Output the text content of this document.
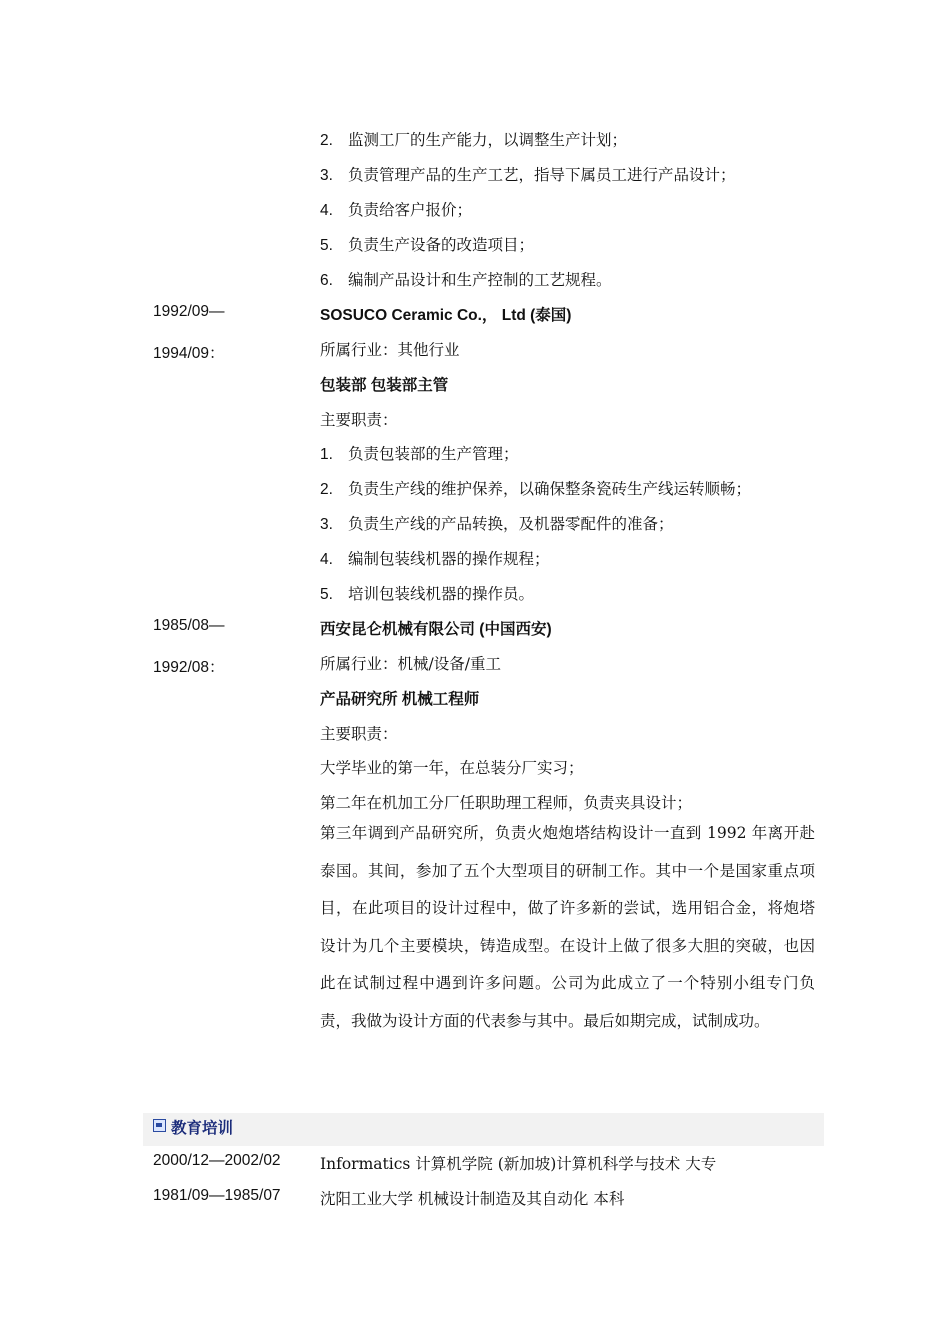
2. 监测工厂的生产能力，以调整生产计划；
3. 负责管理产品的生产工艺，指导下属员工进行产品设计；
4. 负责给客户报价；
5. 负责生产设备的改造项目；
6. 编制产品设计和生产控制的工艺规程。
1992/09—
1994/09：
SOSUCO Ceramic Co.， Ltd (泰国)
所属行业：其他行业
包装部 包装部主管
主要职责：
1. 负责包装部的生产管理；
2. 负责生产线的维护保养，以确保整条瓷砖生产线运转顺畅；
3. 负责生产线的产品转换，及机器零配件的准备；
4. 编制包装线机器的操作规程；
5. 培训包装线机器的操作员。
1985/08—
1992/08：
西安昆仑机械有限公司 (中国西安)
所属行业：机械/设备/重工
产品研究所 机械工程师
主要职责：
大学毕业的第一年，在总装分厂实习；
第二年在机加工分厂任职助理工程师，负责夹具设计；
第三年调到产品研究所，负责火炮炮塔结构设计一直到 1992 年离开赴泰国。其间，参加了五个大型项目的研制工作。其中一个是国家重点项目，在此项目的设计过程中，做了许多新的尝试，选用铝合金，将炮塔设计为几个主要模块，铸造成型。在设计上做了很多大胆的突破，也因此在试制过程中遇到许多问题。公司为此成立了一个特别小组专门负责，我做为设计方面的代表参与其中。最后如期完成，试制成功。
教育培训
2000/12—2002/02	Informatics 计算机学院 (新加坡)计算机科学与技术 大专
1981/09—1985/07	沈阳工业大学 机械设计制造及其自动化 本科
